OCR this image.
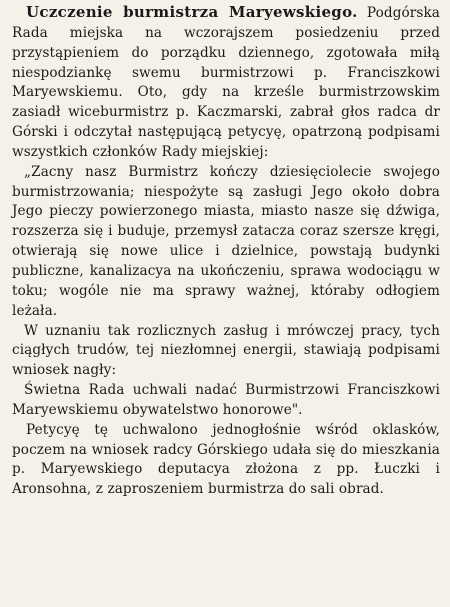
Uczczenie burmistrza Maryewskiego. Podgórska Rada miejska na wczorajszem posiedzeniu przed przystąpieniem do porządku dziennego, zgotowała miłą niespodziankę swemu burmistrzowi p. Franciszkowi Maryewskiemu. Oto, gdy na krześle burmistrzowskim zasiadł wiceburmistrz p. Kaczmarski, zabrał głos radca dr Górski i odczytał następującą petycyę, opatrzoną podpisami wszystkich członków Rady miejskiej:

„Zacny nasz Burmistrz kończy dziesięciolecie swojego burmistrzowania; niespożyte są zasługi Jego około dobra Jego pieczy powierzonego miasta, miasto nasze się dźwiga, rozszerza się i buduje, przemysł zatacza coraz szersze kręgi, otwierają się nowe ulice i dzielnice, powstają budynki publiczne, kanalizacya na ukończeniu, sprawa wodociągu w toku; wogóle nie ma sprawy ważnej, któraby odłogiem leżała.

W uznaniu tak rozlicznych zasług i mrówczej pracy, tych ciągłych trudów, tej niezłomnej energii, stawiają podpisami wniosek nagły:

Świetna Rada uchwali nadać Burmistrzowi Franciszkowi Maryewskiemu obywatelstwo honorowe".

Petycyę tę uchwalono jednogłośnie wśród oklasków, poczem na wniosek radcy Górskiego udała się do mieszkania p. Maryewskiego deputacya złożona z pp. Łuczki i Aronsohna, z zaproszeniem burmistrza do sali obrad.
